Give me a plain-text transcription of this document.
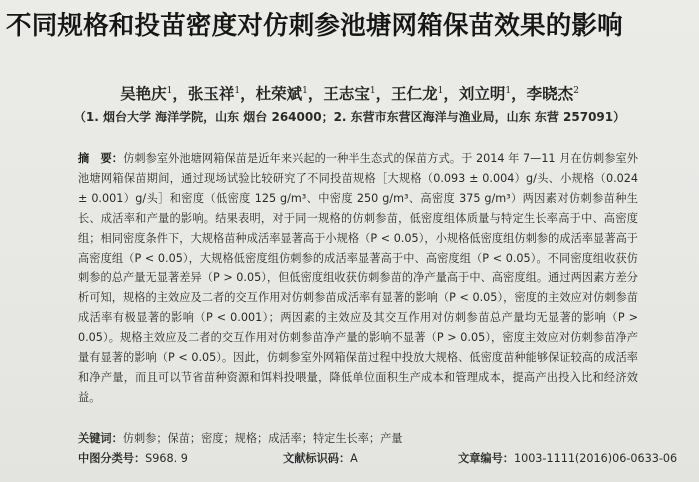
不同规格和投苗密度对仿刺参池塘网箱保苗效果的影响
吴艳庆$^1$，张玉祥$^1$，杜荣斌$^1$，王志宝$^1$，王仁龙$^1$，刘立明$^1$，李晓杰$^2$
（1. 烟台大学 海洋学院，山东 烟台 264000；2. 东营市东营区海洋与渔业局，山东 东营 257091）
摘　要：仿刺参室外池塘网箱保苗是近年来兴起的一种半生态式的保苗方式。于 2014 年 7—11 月在仿刺参室外池塘网箱保苗期间，通过现场试验比较研究了不同投苗规格［大规格（0.093 ± 0.004）g/头、小规格（0.024 ± 0.001）g/头］和密度（低密度 125 g/m³、中密度 250 g/m³、高密度 375 g/m³）两因素对仿刺参苗种生长、成活率和产量的影响。结果表明，对于同一规格的仿刺参苗，低密度组体质量与特定生长率高于中、高密度组；相同密度条件下，大规格苗种成活率显著高于小规格（P < 0.05），小规格低密度组仿刺参的成活率显著高于高密度组（P < 0.05），大规格低密度组仿刺参的成活率显著高于中、高密度组（P < 0.05）。不同密度组收获仿刺参的总产量无显著差异（P > 0.05），但低密度组收获仿刺参苗的净产量高于中、高密度组。通过两因素方差分析可知，规格的主效应及二者的交互作用对仿刺参苗成活率有显著的影响（P < 0.05），密度的主效应对仿刺参苗成活率有极显著的影响（P < 0.001）；两因素的主效应及其交互作用对仿刺参苗总产量均无显著的影响（P > 0.05）。规格主效应及二者的交互作用对仿刺参苗净产量的影响不显著（P > 0.05），密度主效应对仿刺参苗净产量有显著的影响（P < 0.05）。因此，仿刺参室外网箱保苗过程中投放大规格、低密度苗种能够保证较高的成活率和净产量，而且可以节省苗种资源和饵料投喂量，降低单位面积生产成本和管理成本，提高产出投入比和经济效益。
关键词：仿刺参；保苗；密度；规格；成活率；特定生长率；产量
中图分类号：S968. 9	文献标识码：A	文章编号：1003-1111(2016)06-0633-06
